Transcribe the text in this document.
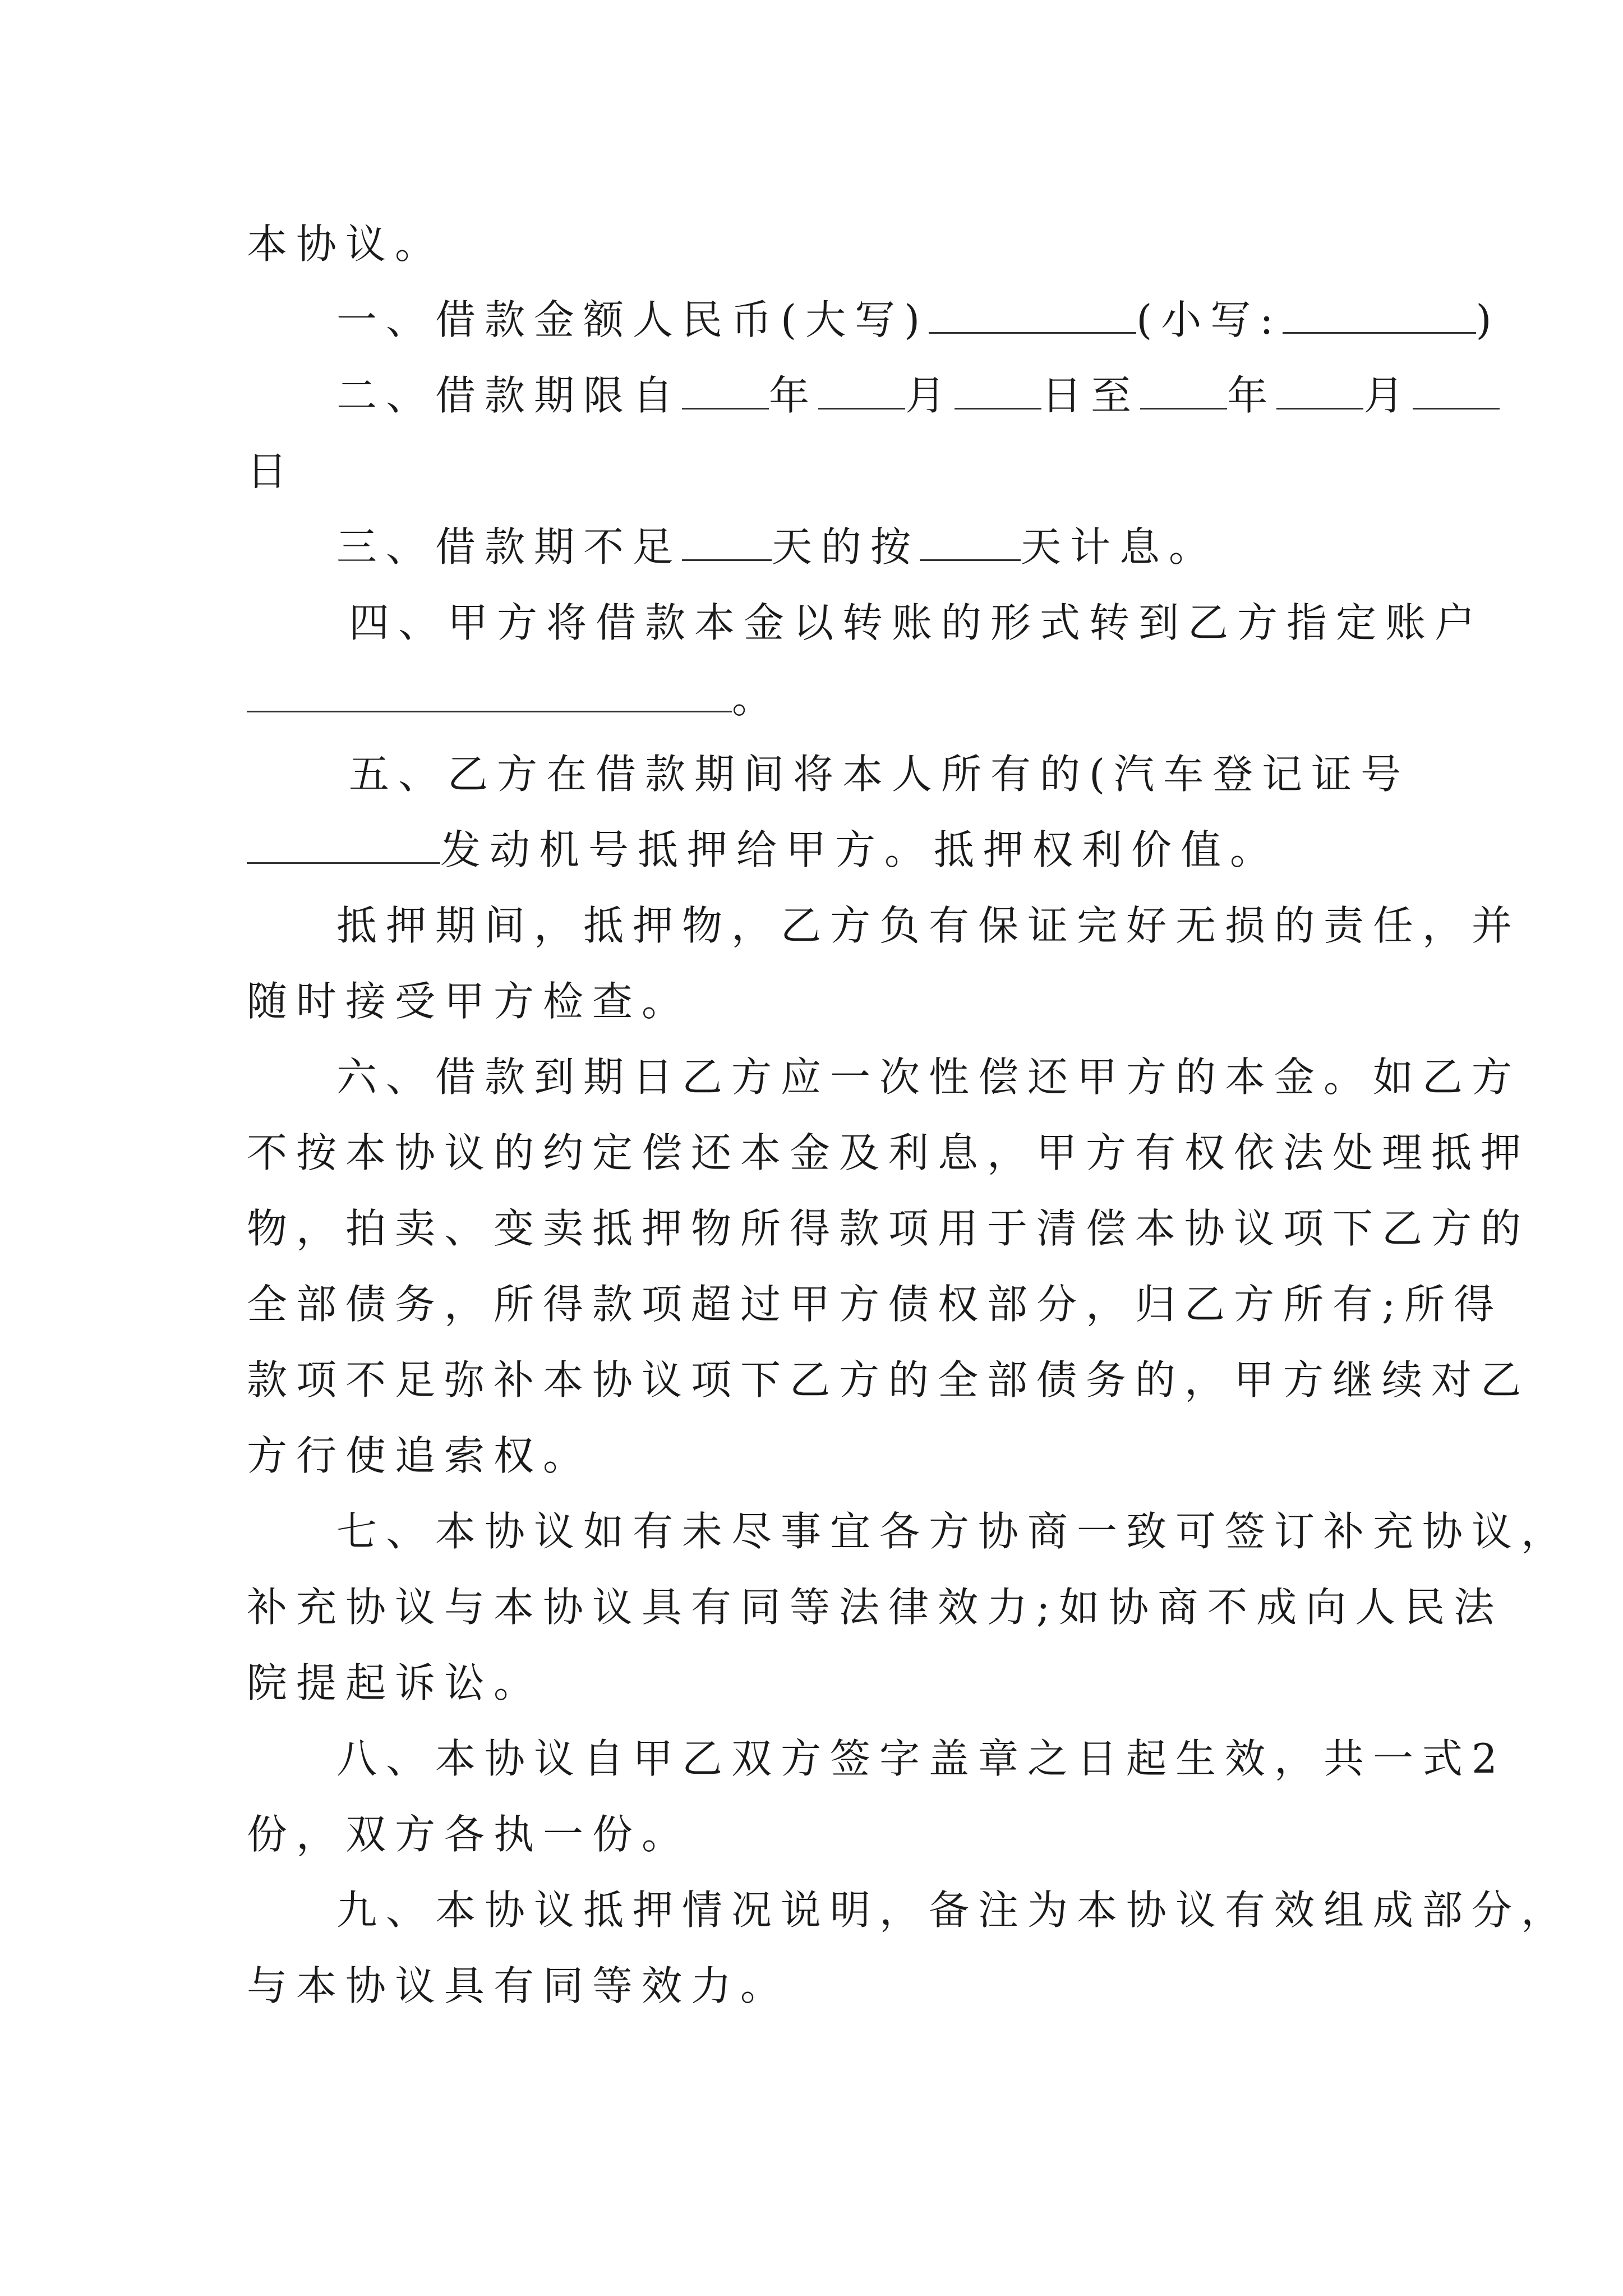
本协议。
一、借款金额人民币(大写)	(小写:	)
二、借款期限自 年 月 日至 年 月
日
三、借款期不足 天的按	天计息。
四、甲方将借款本金以转账的形式转到乙方指定账户
。
五、乙方在借款期间将本人所有的(汽车登记证号
发动机号抵押给甲方。抵押权利价值。
抵押期间，抵押物，乙方负有保证完好无损的责任，并
随时接受甲方检查。
六、借款到期日乙方应一次性偿还甲方的本金。如乙方
不按本协议的约定偿还本金及利息，甲方有权依法处理抵押
物，拍卖、变卖抵押物所得款项用于清偿本协议项下乙方的
全部债务，所得款项超过甲方债权部分，归乙方所有;所得
款项不足弥补本协议项下乙方的全部债务的，甲方继续对乙
方行使追索权。
七、本协议如有未尽事宜各方协商一致可签订补充协议，
补充协议与本协议具有同等法律效力;如协商不成向人民法
院提起诉讼。
八、本协议自甲乙双方签字盖章之日起生效，共一式2
份，双方各执一份。
九、本协议抵押情况说明，备注为本协议有效组成部分，
与本协议具有同等效力。
